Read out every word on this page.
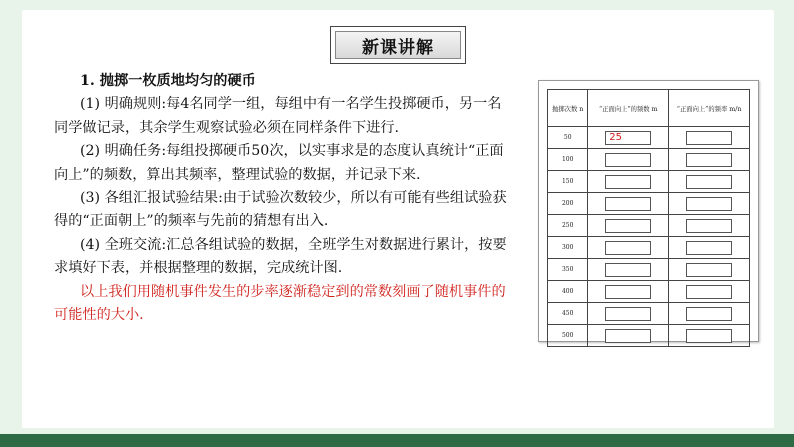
新课讲解

1. 抛掷一枚质地均匀的硬币

(1) 明确规则:每4名同学一组，每组中有一名学生投掷硬币，另一名同学做记录，其余学生观察试验必须在同样条件下进行.

(2) 明确任务:每组投掷硬币50次，以实事求是的态度认真统计“正面向上”的频数，算出其频率，整理试验的数据，并记录下来.

(3) 各组汇报试验结果:由于试验次数较少，所以有可能有些组试验获得的“正面朝上”的频率与先前的猜想有出入.

(4) 全班交流:汇总各组试验的数据，全班学生对数据进行累计，按要求填好下表，并根据整理的数据，完成统计图.

以上我们用随机事件发生的步率逐渐稳定到的常数刻画了随机事件的可能性的大小.

抛掷次数 n	“正面向上”的频数 m	“正面向上”的频率 m/n
50	25	

100	

150	

200	

250	

300	

350	

400	

450	

500	
